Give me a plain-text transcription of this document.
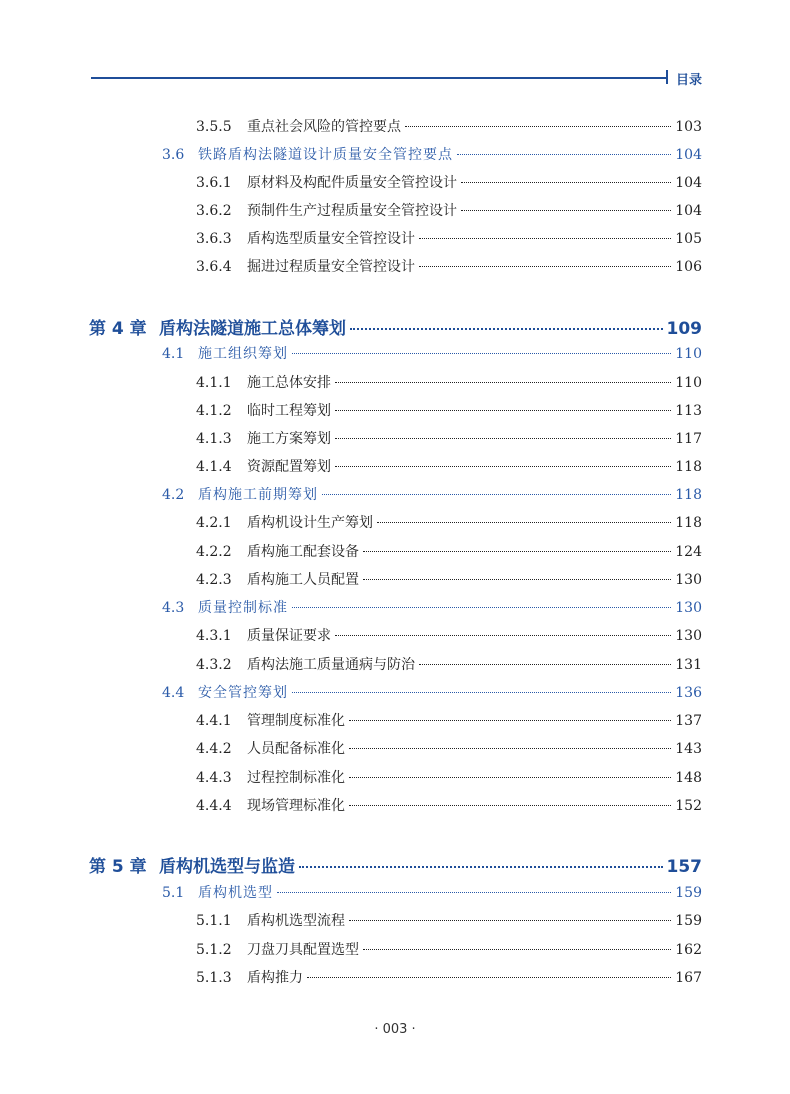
目录
3.5.5	重点社会风险的管控要点	103
3.6 铁路盾构法隧道设计质量安全管控要点	104
3.6.1	原材料及构配件质量安全管控设计	104
3.6.2	预制件生产过程质量安全管控设计	104
3.6.3	盾构选型质量安全管控设计	105
3.6.4	掘进过程质量安全管控设计	106
第 4 章 盾构法隧道施工总体筹划	109
4.1 施工组织筹划	110
4.1.1	施工总体安排	110
4.1.2	临时工程筹划	113
4.1.3	施工方案筹划	117
4.1.4	资源配置筹划	118
4.2 盾构施工前期筹划	118
4.2.1	盾构机设计生产筹划	118
4.2.2	盾构施工配套设备	124
4.2.3	盾构施工人员配置	130
4.3 质量控制标准	130
4.3.1	质量保证要求	130
4.3.2	盾构法施工质量通病与防治	131
4.4 安全管控筹划	136
4.4.1	管理制度标准化	137
4.4.2	人员配备标准化	143
4.4.3	过程控制标准化	148
4.4.4	现场管理标准化	152
第 5 章 盾构机选型与监造	157
5.1 盾构机选型	159
5.1.1	盾构机选型流程	159
5.1.2	刀盘刀具配置选型	162
5.1.3	盾构推力	167
· 003 ·
